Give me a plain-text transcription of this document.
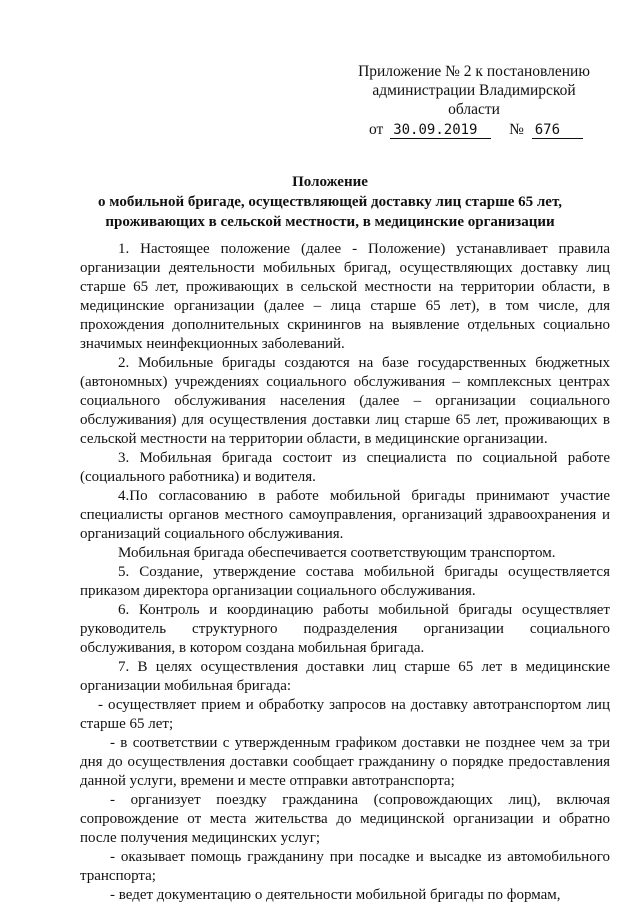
Приложение № 2 к постановлению
администрации Владимирской
области
от 30.09.2019 № 676
Положение
о мобильной бригаде, осуществляющей доставку лиц старше 65 лет,
проживающих в сельской местности, в медицинские организации

1. Настоящее положение (далее - Положение) устанавливает правила организации деятельности мобильных бригад, осуществляющих доставку лиц старше 65 лет, проживающих в сельской местности на территории области, в медицинские организации (далее – лица старше 65 лет), в том числе, для прохождения дополнительных скринингов на выявление отдельных социально значимых неинфекционных заболеваний.

2. Мобильные бригады создаются на базе государственных бюджетных (автономных) учреждениях социального обслуживания – комплексных центрах социального обслуживания населения (далее – организации социального обслуживания) для осуществления доставки лиц старше 65 лет, проживающих в сельской местности на территории области, в медицинские организации.

3. Мобильная бригада состоит из специалиста по социальной работе (социального работника) и водителя.

4.По согласованию в работе мобильной бригады принимают участие специалисты органов местного самоуправления, организаций здравоохранения и организаций социального обслуживания.

Мобильная бригада обеспечивается соответствующим транспортом.

5. Создание, утверждение состава мобильной бригады осуществляется приказом директора организации социального обслуживания.

6. Контроль и координацию работы мобильной бригады осуществляет руководитель структурного подразделения организации социального обслуживания, в котором создана мобильная бригада.

7. В целях осуществления доставки лиц старше 65 лет в медицинские организации мобильная бригада:

- осуществляет прием и обработку запросов на доставку автотранспортом лиц старше 65 лет;

- в соответствии с утвержденным графиком доставки не позднее чем за три дня до осуществления доставки сообщает гражданину о порядке предоставления данной услуги, времени и месте отправки автотранспорта;

- организует поездку гражданина (сопровождающих лиц), включая сопровождение от места жительства до медицинской организации и обратно после получения медицинских услуг;

- оказывает помощь гражданину при посадке и высадке из автомобильного транспорта;

- ведет документацию о деятельности мобильной бригады по формам,
